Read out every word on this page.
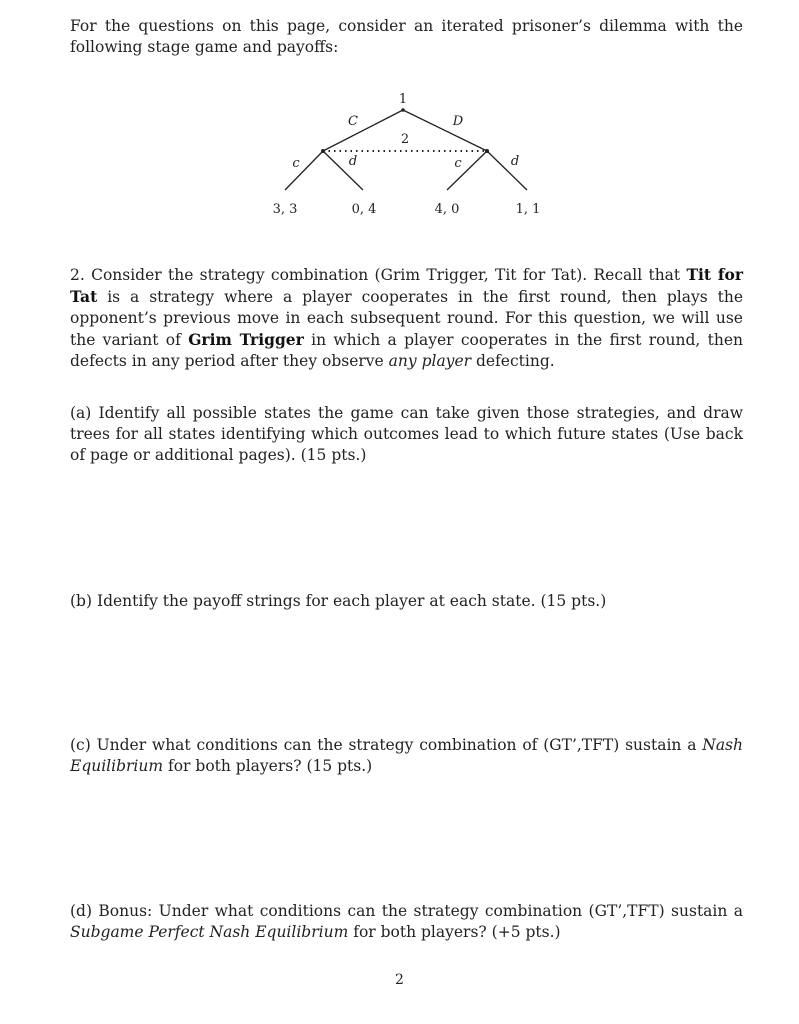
For the questions on this page, consider an iterated prisoner’s dilemma with the following stage game and payoffs:

1
2
C	D
c	d	c	d
3, 3	0, 4	4, 0	1, 1

2. Consider the strategy combination (Grim Trigger, Tit for Tat). Recall that Tit for Tat is a strategy where a player cooperates in the first round, then plays the opponent’s previous move in each subsequent round. For this question, we will use the variant of Grim Trigger in which a player cooperates in the first round, then defects in any period after they observe any player defecting.

(a) Identify all possible states the game can take given those strategies, and draw trees for all states identifying which outcomes lead to which future states (Use back of page or additional pages). (15 pts.)

(b) Identify the payoff strings for each player at each state. (15 pts.)

(c) Under what conditions can the strategy combination of (GT’,TFT) sustain a Nash Equilibrium for both players? (15 pts.)

(d) Bonus: Under what conditions can the strategy combination (GT’,TFT) sustain a Subgame Perfect Nash Equilibrium for both players? (+5 pts.)

2
